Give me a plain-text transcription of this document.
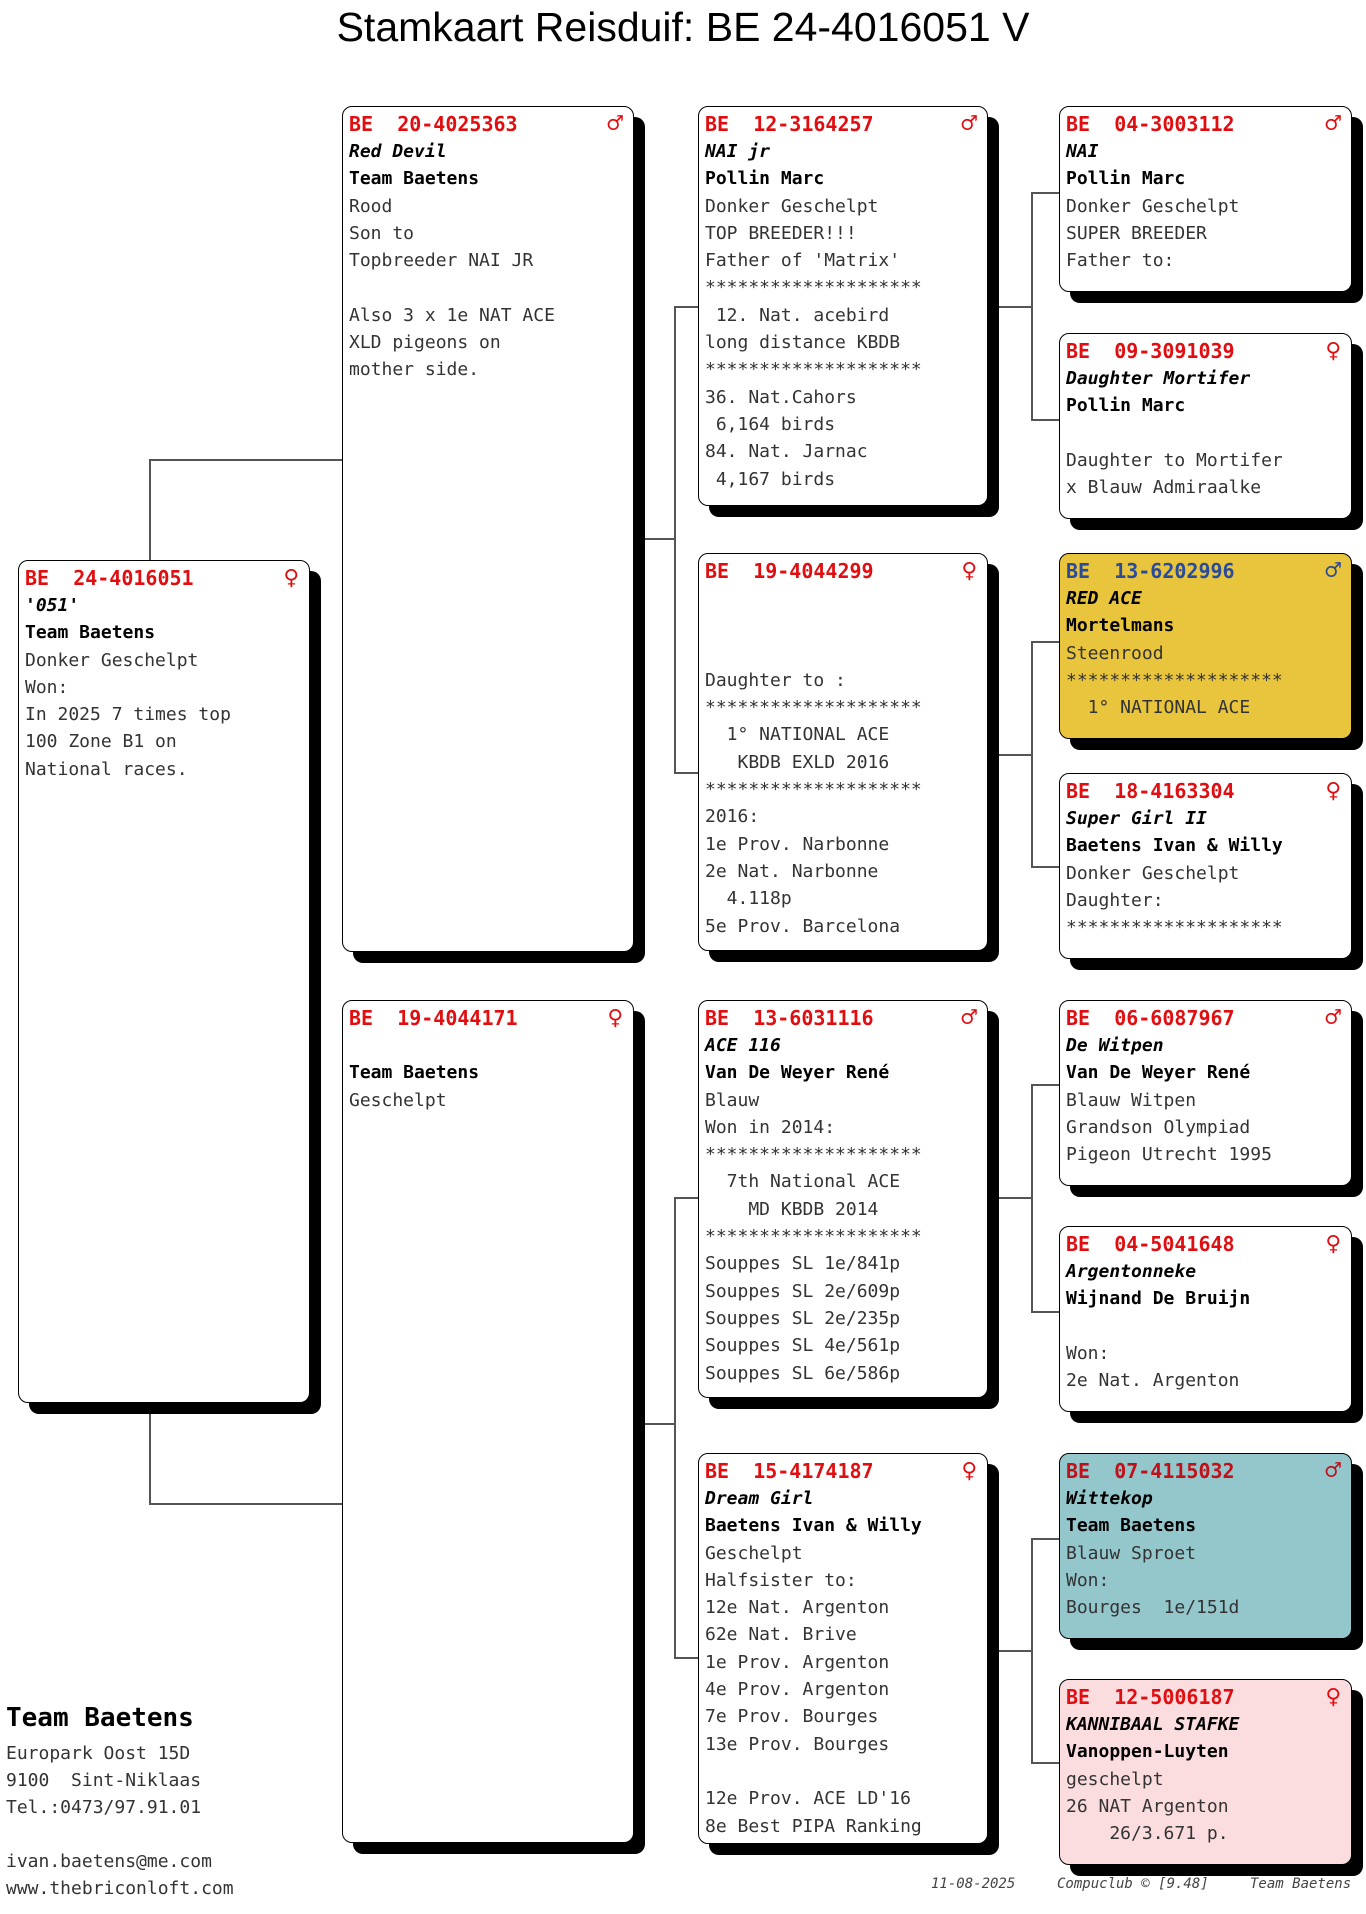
Stamkaart Reisduif: BE 24-4016051 V
BE 24-4016051	♀
'051'
Team Baetens
Donker Geschelpt
Won:
In 2025 7 times top
100 Zone B1 on
National races.
BE 20-4025363	♂
Red Devil
Team Baetens
Rood
Son to
Topbreeder NAI JR

Also 3 x 1e NAT ACE
XLD pigeons on
mother side.
BE 19-4044171	♀

Team Baetens
Geschelpt
BE 12-3164257	♂
NAI jr
Pollin Marc
Donker Geschelpt
TOP BREEDER!!!
Father of 'Matrix'
********************
12. Nat. acebird
long distance KBDB
********************
36. Nat.Cahors
6,164 birds
84. Nat. Jarnac
4,167 birds
BE 19-4044299	♀

Daughter to :
********************
1° NATIONAL ACE
KBDB EXLD 2016
********************
2016:
1e Prov. Narbonne
2e Nat. Narbonne
4.118p
5e Prov. Barcelona
BE 13-6031116	♂
ACE 116
Van De Weyer René
Blauw
Won in 2014:
********************
7th National ACE
MD KBDB 2014
********************
Souppes SL 1e/841p
Souppes SL 2e/609p
Souppes SL 2e/235p
Souppes SL 4e/561p
Souppes SL 6e/586p
BE 15-4174187	♀
Dream Girl
Baetens Ivan & Willy
Geschelpt
Halfsister to:
12e Nat. Argenton
62e Nat. Brive
1e Prov. Argenton
4e Prov. Argenton
7e Prov. Bourges
13e Prov. Bourges

12e Prov. ACE LD'16
8e Best PIPA Ranking
BE 04-3003112	♂
NAI
Pollin Marc
Donker Geschelpt
SUPER BREEDER
Father to:
BE 09-3091039	♀
Daughter Mortifer
Pollin Marc

Daughter to Mortifer
x Blauw Admiraalke
BE 13-6202996	♂
RED ACE
Mortelmans
Steenrood
********************
1° NATIONAL ACE
BE 18-4163304	♀
Super Girl II
Baetens Ivan & Willy
Donker Geschelpt
Daughter:
********************
BE 06-6087967	♂
De Witpen
Van De Weyer René
Blauw Witpen
Grandson Olympiad
Pigeon Utrecht 1995
BE 04-5041648	♀
Argentonneke
Wijnand De Bruijn

Won:
2e Nat. Argenton
BE 07-4115032	♂
Wittekop
Team Baetens
Blauw Sproet
Won:
Bourges  1e/151d
BE 12-5006187	♀
KANNIBAAL STAFKE
Vanoppen-Luyten
geschelpt
26 NAT Argenton
26/3.671 p.
Team Baetens
Europark Oost 15D
9100  Sint-Niklaas
Tel.:0473/97.91.01
ivan.baetens@me.com
www.thebriconloft.com	11-08-2025	Compuclub © [9.48]	Team Baetens
